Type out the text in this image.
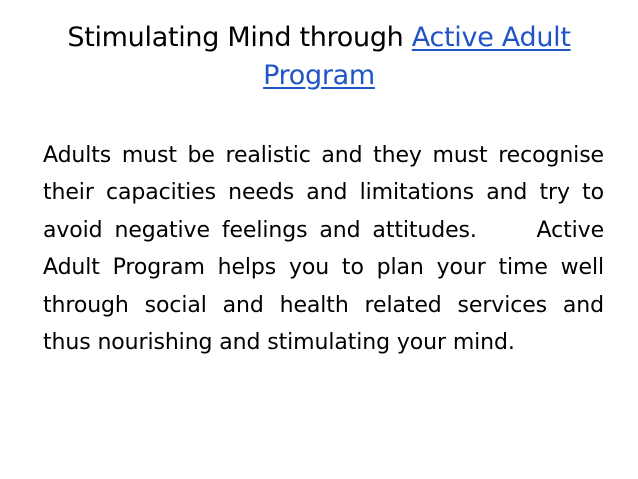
Stimulating Mind through Active Adult Program

Adults must be realistic and they must recognise their capacities needs and limitations and try to avoid negative feelings and attitudes.	Active Adult Program helps you to plan your time well through social and health related services and thus nourishing and stimulating your mind.
